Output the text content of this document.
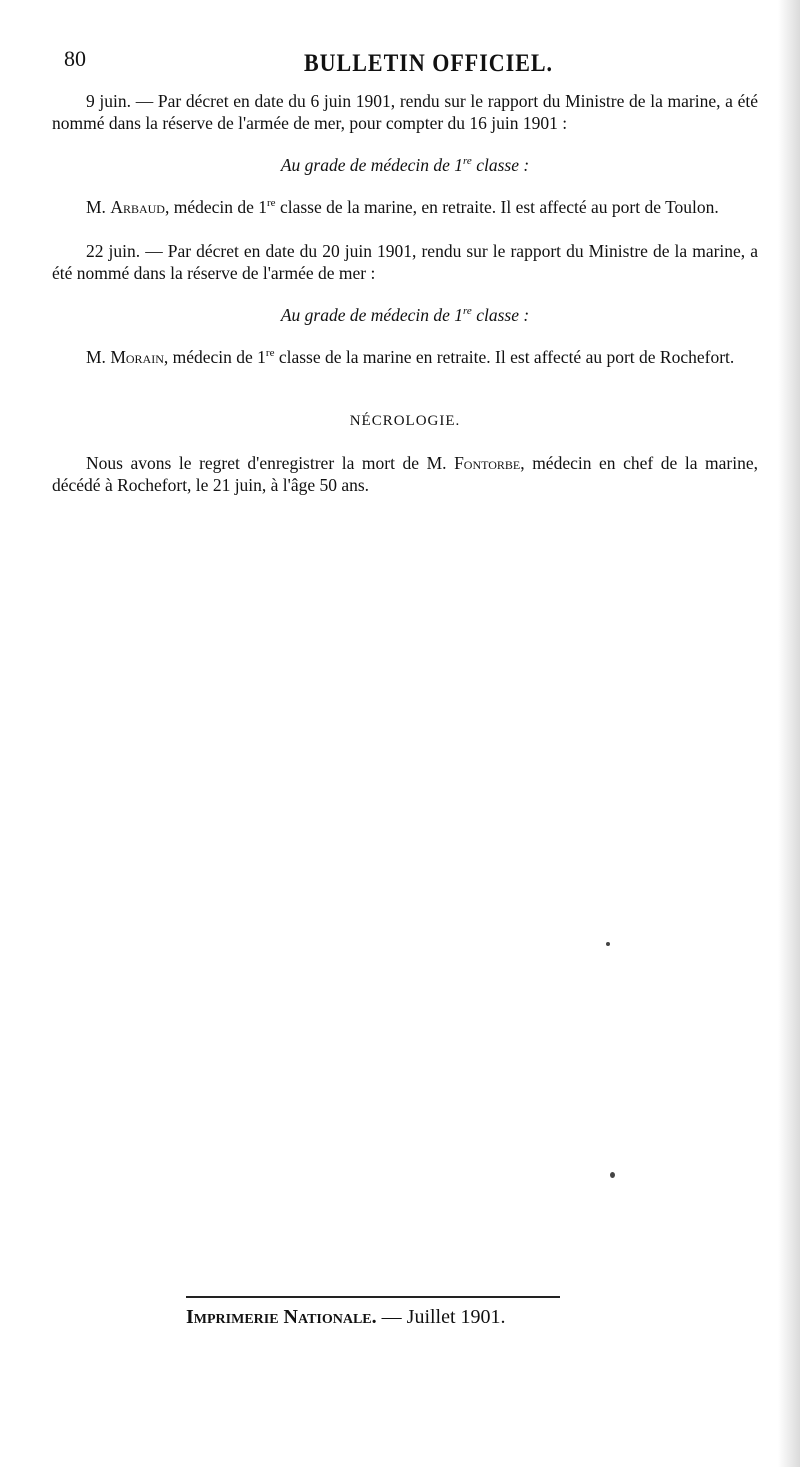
80	BULLETIN OFFICIEL.

9 juin. — Par décret en date du 6 juin 1901, rendu sur le rapport du Ministre de la marine, a été nommé dans la réserve de l'armée de mer, pour compter du 16 juin 1901 :

Au grade de médecin de 1re classe :

M. Arbaud, médecin de 1re classe de la marine, en retraite. Il est affecté au port de Toulon.

22 juin. — Par décret en date du 20 juin 1901, rendu sur le rapport du Ministre de la marine, a été nommé dans la réserve de l'armée de mer :

Au grade de médecin de 1re classe :

M. Morain, médecin de 1re classe de la marine en retraite. Il est affecté au port de Rochefort.

NÉCROLOGIE.

Nous avons le regret d'enregistrer la mort de M. Fontorbe, médecin en chef de la marine, décédé à Rochefort, le 21 juin, à l'âge 50 ans.

Imprimerie Nationale. — Juillet 1901.
